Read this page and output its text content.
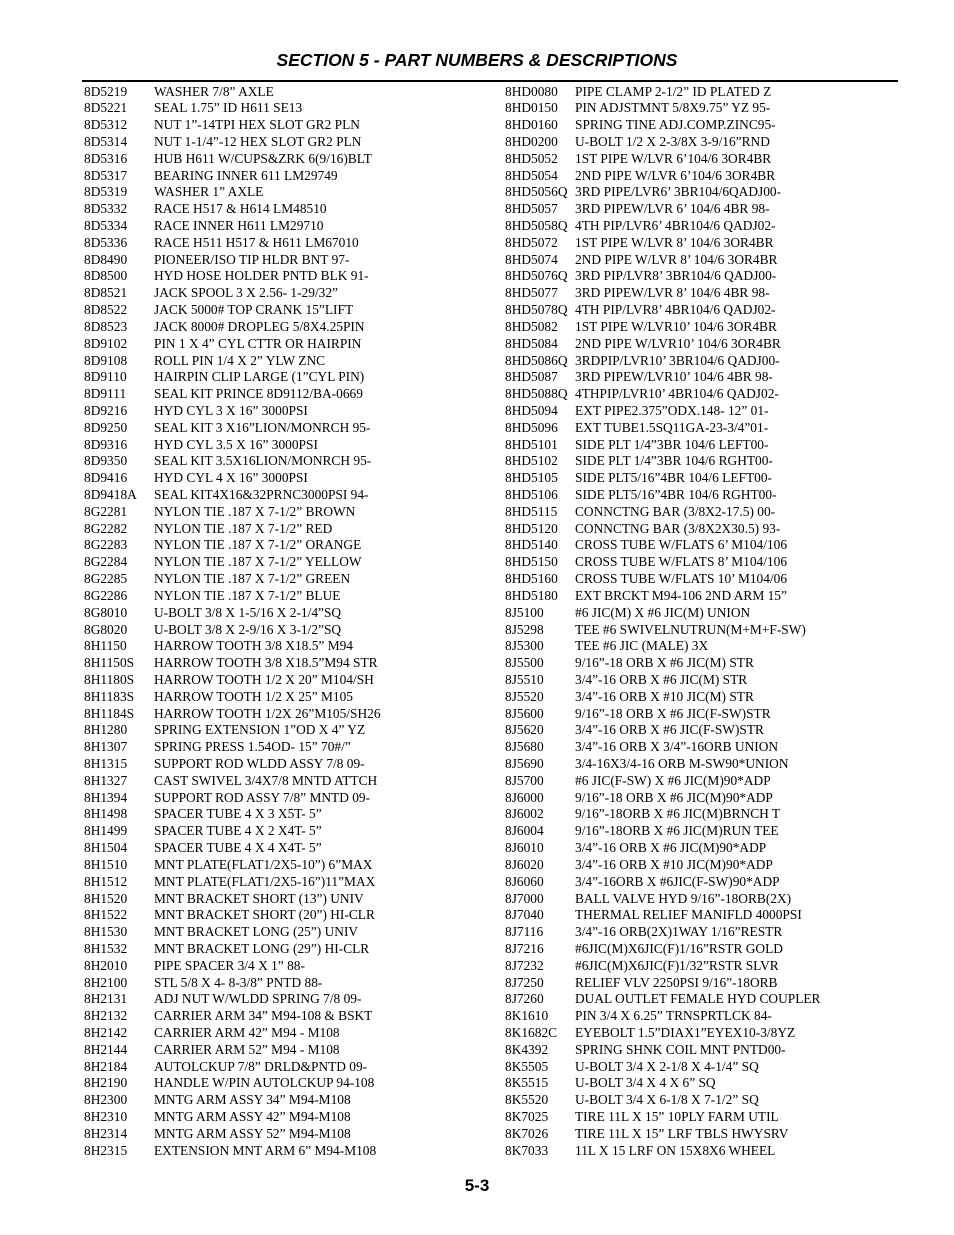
SECTION 5 - PART NUMBERS & DESCRIPTIONS
8D5219 WASHER 7/8” AXLE
8D5221 SEAL 1.75” ID H611 SE13
8D5312 NUT 1”-14TPI HEX SLOT GR2 PLN
8D5314 NUT 1-1/4”-12 HEX SLOT GR2 PLN
8D5316 HUB H611 W/CUPS&ZRK 6(9/16)BLT
8D5317 BEARING INNER 611 LM29749
8D5319 WASHER 1” AXLE
8D5332 RACE H517 & H614 LM48510
8D5334 RACE INNER H611 LM29710
8D5336 RACE H511 H517 & H611 LM67010
8D8490 PIONEER/ISO TIP HLDR BNT 97-
8D8500 HYD HOSE HOLDER PNTD BLK 91-
8D8521 JACK SPOOL 3 X 2.56- 1-29/32”
8D8522 JACK 5000# TOP CRANK 15”LIFT
8D8523 JACK 8000# DROPLEG 5/8X4.25PIN
8D9102 PIN 1 X 4” CYL CTTR OR HAIRPIN
8D9108 ROLL PIN 1/4 X 2” YLW ZNC
8D9110 HAIRPIN CLIP LARGE (1”CYL PIN)
8D9111 SEAL KIT PRINCE 8D9112/BA-0669
8D9216 HYD CYL 3 X 16” 3000PSI
8D9250 SEAL KIT 3 X16”LION/MONRCH 95-
8D9316 HYD CYL 3.5 X 16” 3000PSI
8D9350 SEAL KIT 3.5X16LION/MONRCH 95-
8D9416 HYD CYL 4 X 16” 3000PSI
8D9418A SEAL KIT4X16&32PRNC3000PSI 94-
8G2281 NYLON TIE .187 X 7-1/2” BROWN
8G2282 NYLON TIE .187 X 7-1/2” RED
8G2283 NYLON TIE .187 X 7-1/2” ORANGE
8G2284 NYLON TIE .187 X 7-1/2” YELLOW
8G2285 NYLON TIE .187 X 7-1/2” GREEN
8G2286 NYLON TIE .187 X 7-1/2” BLUE
8G8010 U-BOLT 3/8 X 1-5/16 X 2-1/4”SQ
8G8020 U-BOLT 3/8 X 2-9/16 X 3-1/2”SQ
8H1150 HARROW TOOTH 3/8 X18.5” M94
8H1150S HARROW TOOTH 3/8 X18.5”M94 STR
8H1180S HARROW TOOTH 1/2 X 20” M104/SH
8H1183S HARROW TOOTH 1/2 X 25” M105
8H1184S HARROW TOOTH 1/2X 26”M105/SH26
8H1280 SPRING EXTENSION 1”OD X 4” YZ
8H1307 SPRING PRESS 1.54OD- 15” 70#/”
8H1315 SUPPORT ROD WLDD ASSY 7/8 09-
8H1327 CAST SWIVEL 3/4X7/8 MNTD ATTCH
8H1394 SUPPORT ROD ASSY 7/8” MNTD 09-
8H1498 SPACER TUBE 4 X 3 X5T- 5”
8H1499 SPACER TUBE 4 X 2 X4T- 5”
8H1504 SPACER TUBE 4 X 4 X4T- 5”
8H1510 MNT PLATE(FLAT1/2X5-10”) 6”MAX
8H1512 MNT PLATE(FLAT1/2X5-16”)11”MAX
8H1520 MNT BRACKET SHORT (13”) UNIV
8H1522 MNT BRACKET SHORT (20”) HI-CLR
8H1530 MNT BRACKET LONG (25”) UNIV
8H1532 MNT BRACKET LONG (29”) HI-CLR
8H2010 PIPE SPACER 3/4 X 1” 88-
8H2100 STL 5/8 X 4- 8-3/8” PNTD 88-
8H2131 ADJ NUT W/WLDD SPRING 7/8 09-
8H2132 CARRIER ARM 34” M94-108 & BSKT
8H2142 CARRIER ARM 42” M94 - M108
8H2144 CARRIER ARM 52” M94 - M108
8H2184 AUTOLCKUP 7/8” DRLD&PNTD 09-
8H2190 HANDLE W/PIN AUTOLCKUP 94-108
8H2300 MNTG ARM ASSY 34” M94-M108
8H2310 MNTG ARM ASSY 42” M94-M108
8H2314 MNTG ARM ASSY 52” M94-M108
8H2315 EXTENSION MNT ARM 6” M94-M108
8HD0080 PIPE CLAMP 2-1/2” ID PLATED Z
8HD0150 PIN ADJSTMNT 5/8X9.75” YZ 95-
8HD0160 SPRING TINE ADJ.COMP.ZINC95-
8HD0200 U-BOLT 1/2 X 2-3/8X 3-9/16”RND
8HD5052 1ST PIPE W/LVR 6’104/6 3OR4BR
8HD5054 2ND PIPE W/LVR 6’104/6 3OR4BR
8HD5056Q 3RD PIPE/LVR6’ 3BR104/6QADJ00-
8HD5057 3RD PIPEW/LVR 6’ 104/6 4BR 98-
8HD5058Q 4TH PIP/LVR6’ 4BR104/6 QADJ02-
8HD5072 1ST PIPE W/LVR 8’ 104/6 3OR4BR
8HD5074 2ND PIPE W/LVR 8’ 104/6 3OR4BR
8HD5076Q 3RD PIP/LVR8’ 3BR104/6 QADJ00-
8HD5077 3RD PIPEW/LVR 8’ 104/6 4BR 98-
8HD5078Q 4TH PIP/LVR8’ 4BR104/6 QADJ02-
8HD5082 1ST PIPE W/LVR10’ 104/6 3OR4BR
8HD5084 2ND PIPE W/LVR10’ 104/6 3OR4BR
8HD5086Q 3RDPIP/LVR10’ 3BR104/6 QADJ00-
8HD5087 3RD PIPEW/LVR10’ 104/6 4BR 98-
8HD5088Q 4THPIP/LVR10’ 4BR104/6 QADJ02-
8HD5094 EXT PIPE2.375”ODX.148- 12” 01-
8HD5096 EXT TUBE1.5SQ11GA-23-3/4”01-
8HD5101 SIDE PLT 1/4”3BR 104/6 LEFT00-
8HD5102 SIDE PLT 1/4”3BR 104/6 RGHT00-
8HD5105 SIDE PLT5/16”4BR 104/6 LEFT00-
8HD5106 SIDE PLT5/16”4BR 104/6 RGHT00-
8HD5115 CONNCTNG BAR (3/8X2-17.5) 00-
8HD5120 CONNCTNG BAR (3/8X2X30.5) 93-
8HD5140 CROSS TUBE W/FLATS 6’ M104/106
8HD5150 CROSS TUBE W/FLATS 8’ M104/106
8HD5160 CROSS TUBE W/FLATS 10’ M104/06
8HD5180 EXT BRCKT M94-106 2ND ARM 15”
8J5100 #6 JIC(M) X #6 JIC(M) UNION
8J5298 TEE #6 SWIVELNUTRUN(M+M+F-SW)
8J5300 TEE #6 JIC (MALE) 3X
8J5500 9/16”-18 ORB X #6 JIC(M) STR
8J5510 3/4”-16 ORB X #6 JIC(M) STR
8J5520 3/4”-16 ORB X #10 JIC(M) STR
8J5600 9/16”-18 ORB X #6 JIC(F-SW)STR
8J5620 3/4”-16 ORB X #6 JIC(F-SW)STR
8J5680 3/4”-16 ORB X 3/4”-16ORB UNION
8J5690 3/4-16X3/4-16 ORB M-SW90*UNION
8J5700 #6 JIC(F-SW) X #6 JIC(M)90*ADP
8J6000 9/16”-18 ORB X #6 JIC(M)90*ADP
8J6002 9/16”-18ORB X #6 JIC(M)BRNCH T
8J6004 9/16”-18ORB X #6 JIC(M)RUN TEE
8J6010 3/4”-16 ORB X #6 JIC(M)90*ADP
8J6020 3/4”-16 ORB X #10 JIC(M)90*ADP
8J6060 3/4”-16ORB X #6JIC(F-SW)90*ADP
8J7000 BALL VALVE HYD 9/16”-18ORB(2X)
8J7040 THERMAL RELIEF MANIFLD 4000PSI
8J7116 3/4”-16 ORB(2X)1WAY 1/16”RESTR
8J7216 #6JIC(M)X6JIC(F)1/16”RSTR GOLD
8J7232 #6JIC(M)X6JIC(F)1/32”RSTR SLVR
8J7250 RELIEF VLV 2250PSI 9/16”-18ORB
8J7260 DUAL OUTLET FEMALE HYD COUPLER
8K1610 PIN 3/4 X 6.25” TRNSPRTLCK 84-
8K1682C EYEBOLT 1.5”DIAX1”EYEX10-3/8YZ
8K4392 SPRING SHNK COIL MNT PNTD00-
8K5505 U-BOLT 3/4 X 2-1/8 X 4-1/4” SQ
8K5515 U-BOLT 3/4 X 4 X 6” SQ
8K5520 U-BOLT 3/4 X 6-1/8 X 7-1/2” SQ
8K7025 TIRE 11L X 15” 10PLY FARM UTIL
8K7026 TIRE 11L X 15” LRF TBLS HWYSRV
8K7033 11L X 15 LRF ON 15X8X6 WHEEL
5-3
